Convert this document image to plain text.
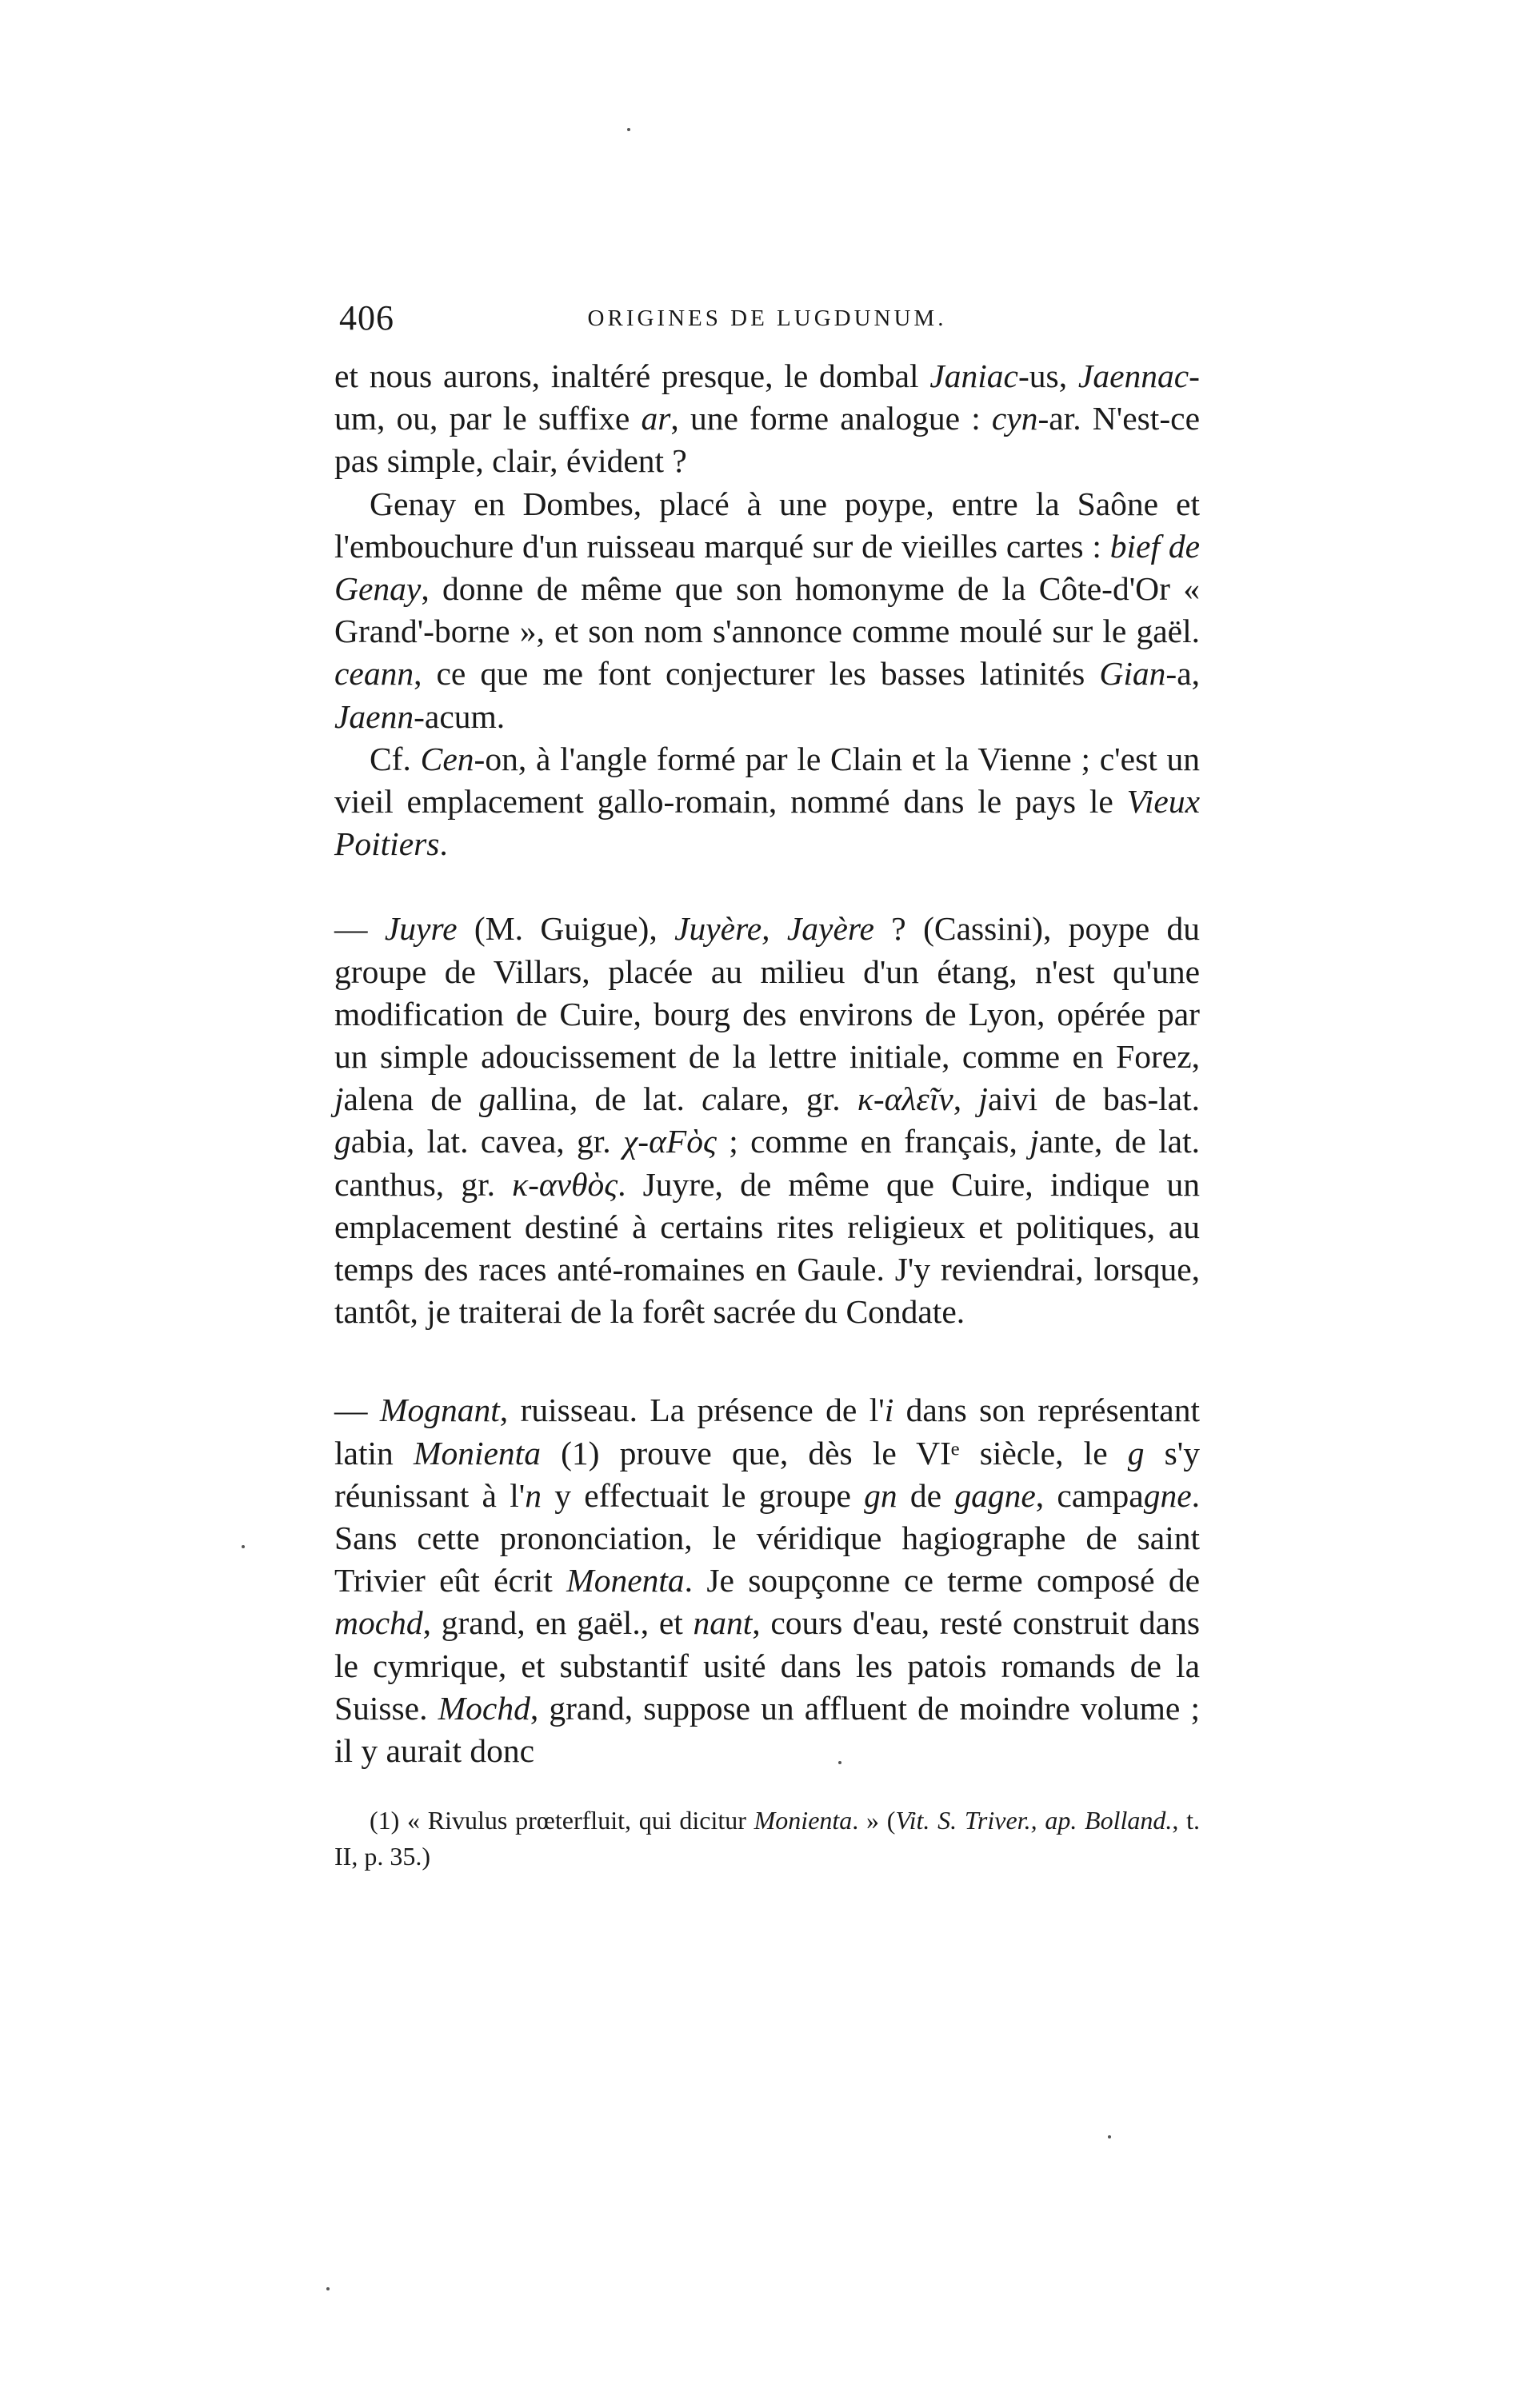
406	ORIGINES DE LUGDUNUM.

et nous aurons, inaltéré presque, le dombal Janiac-us, Jaennac-um, ou, par le suffixe ar, une forme analogue : cyn-ar. N'est-ce pas simple, clair, évident ?

Genay en Dombes, placé à une poype, entre la Saône et l'embouchure d'un ruisseau marqué sur de vieilles cartes : bief de Genay, donne de même que son homonyme de la Côte-d'Or « Grand'-borne », et son nom s'annonce comme moulé sur le gaël. ceann, ce que me font conjecturer les basses latinités Gian-a, Jaenn-acum.

Cf. Cen-on, à l'angle formé par le Clain et la Vienne ; c'est un vieil emplacement gallo-romain, nommé dans le pays le Vieux Poitiers.

— Juyre (M. Guigue), Juyère, Jayère ? (Cassini), poype du groupe de Villars, placée au milieu d'un étang, n'est qu'une modification de Cuire, bourg des environs de Lyon, opérée par un simple adoucissement de la lettre initiale, comme en Forez, jalena de gallina, de lat. calare, gr. κ-αλεῖν, jaivi de bas-lat. gabia, lat. cavea, gr. χ-αFὸς ; comme en français, jante, de lat. canthus, gr. κ-ανθὸς. Juyre, de même que Cuire, indique un emplacement destiné à certains rites religieux et politiques, au temps des races anté-romaines en Gaule. J'y reviendrai, lorsque, tantôt, je traiterai de la forêt sacrée du Condate.

— Mognant, ruisseau. La présence de l'i dans son représentant latin Monienta (1) prouve que, dès le VIᵉ siècle, le g s'y réunissant à l'n y effectuait le groupe gn de gagne, campagne. Sans cette prononciation, le véridique hagiographe de saint Trivier eût écrit Monenta. Je soupçonne ce terme composé de mochd, grand, en gaël., et nant, cours d'eau, resté construit dans le cymrique, et substantif usité dans les patois romands de la Suisse. Mochd, grand, suppose un affluent de moindre volume ; il y aurait donc

(1) « Rivulus prœterfluit, qui dicitur Monienta. » (Vit. S. Triver., ap. Bolland., t. II, p. 35.)
